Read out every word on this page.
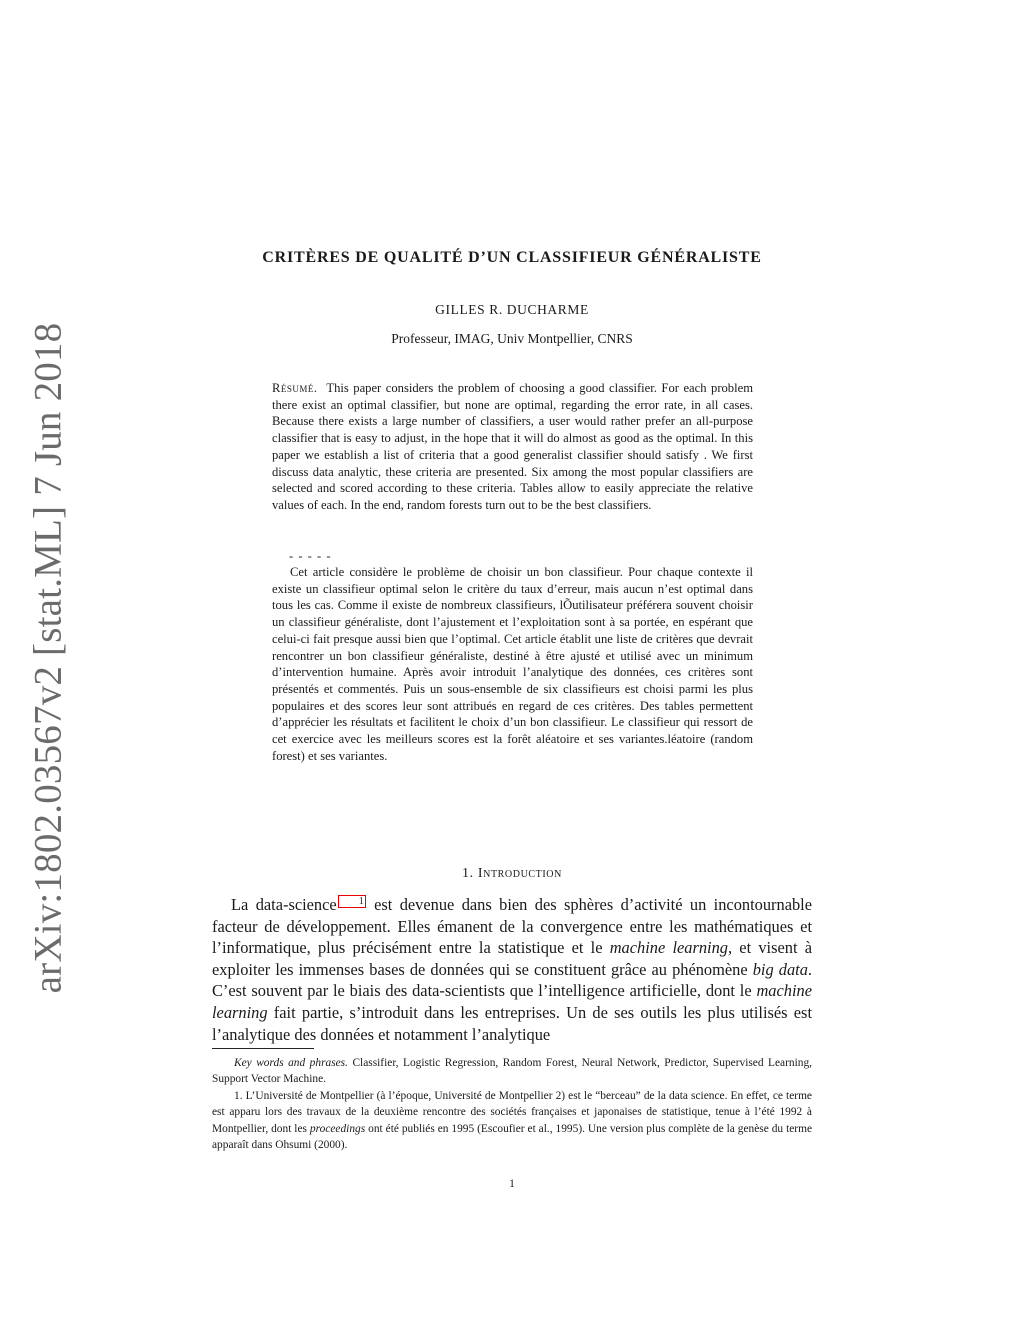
arXiv:1802.03567v2 [stat.ML] 7 Jun 2018
CRITÈRES DE QUALITÉ D’UN CLASSIFIEUR GÉNÉRALISTE
GILLES R. DUCHARME
Professeur, IMAG, Univ Montpellier, CNRS
Résumé. This paper considers the problem of choosing a good classifier. For each problem there exist an optimal classifier, but none are optimal, regarding the error rate, in all cases. Because there exists a large number of classifiers, a user would rather prefer an all-purpose classifier that is easy to adjust, in the hope that it will do almost as good as the optimal. In this paper we establish a list of criteria that a good generalist classifier should satisfy . We first discuss data analytic, these criteria are presented. Six among the most popular classifiers are selected and scored according to these criteria. Tables allow to easily appreciate the relative values of each. In the end, random forests turn out to be the best classifiers.
- - - - -
Cet article considère le problème de choisir un bon classifieur. Pour chaque contexte il existe un classifieur optimal selon le critère du taux d’erreur, mais aucun n’est optimal dans tous les cas. Comme il existe de nombreux classifieurs, lÕutilisateur préférera souvent choisir un classifieur généraliste, dont l’ajustement et l’exploitation sont à sa portée, en espérant que celui-ci fait presque aussi bien que l’optimal. Cet article établit une liste de critères que devrait rencontrer un bon classifieur généraliste, destiné à être ajusté et utilisé avec un minimum d’intervention humaine. Après avoir introduit l’analytique des données, ces critères sont présentés et commentés. Puis un sous-ensemble de six classifieurs est choisi parmi les plus populaires et des scores leur sont attribués en regard de ces critères. Des tables permettent d’apprécier les résultats et facilitent le choix d’un bon classifieur. Le classifieur qui ressort de cet exercice avec les meilleurs scores est la forêt aléatoire et ses variantes.léatoire (random forest) et ses variantes.
1. Introduction
La data-science 1 est devenue dans bien des sphères d’activité un incontournable facteur de développement. Elles émanent de la convergence entre les mathématiques et l’informatique, plus précisément entre la statistique et le machine learning, et visent à exploiter les immenses bases de données qui se constituent grâce au phénomène big data. C’est souvent par le biais des data-scientists que l’intelligence artificielle, dont le machine learning fait partie, s’introduit dans les entreprises. Un de ses outils les plus utilisés est l’analytique des données et notamment l’analytique

Key words and phrases. Classifier, Logistic Regression, Random Forest, Neural Network, Predictor, Supervised Learning, Support Vector Machine.

1. L’Université de Montpellier (à l’époque, Université de Montpellier 2) est le “berceau” de la data science. En effet, ce terme est apparu lors des travaux de la deuxième rencontre des sociétés françaises et japonaises de statistique, tenue à l’été 1992 à Montpellier, dont les proceedings ont été publiés en 1995 (Escoufier et al., 1995). Une version plus complète de la genèse du terme apparaît dans Ohsumi (2000).

1
